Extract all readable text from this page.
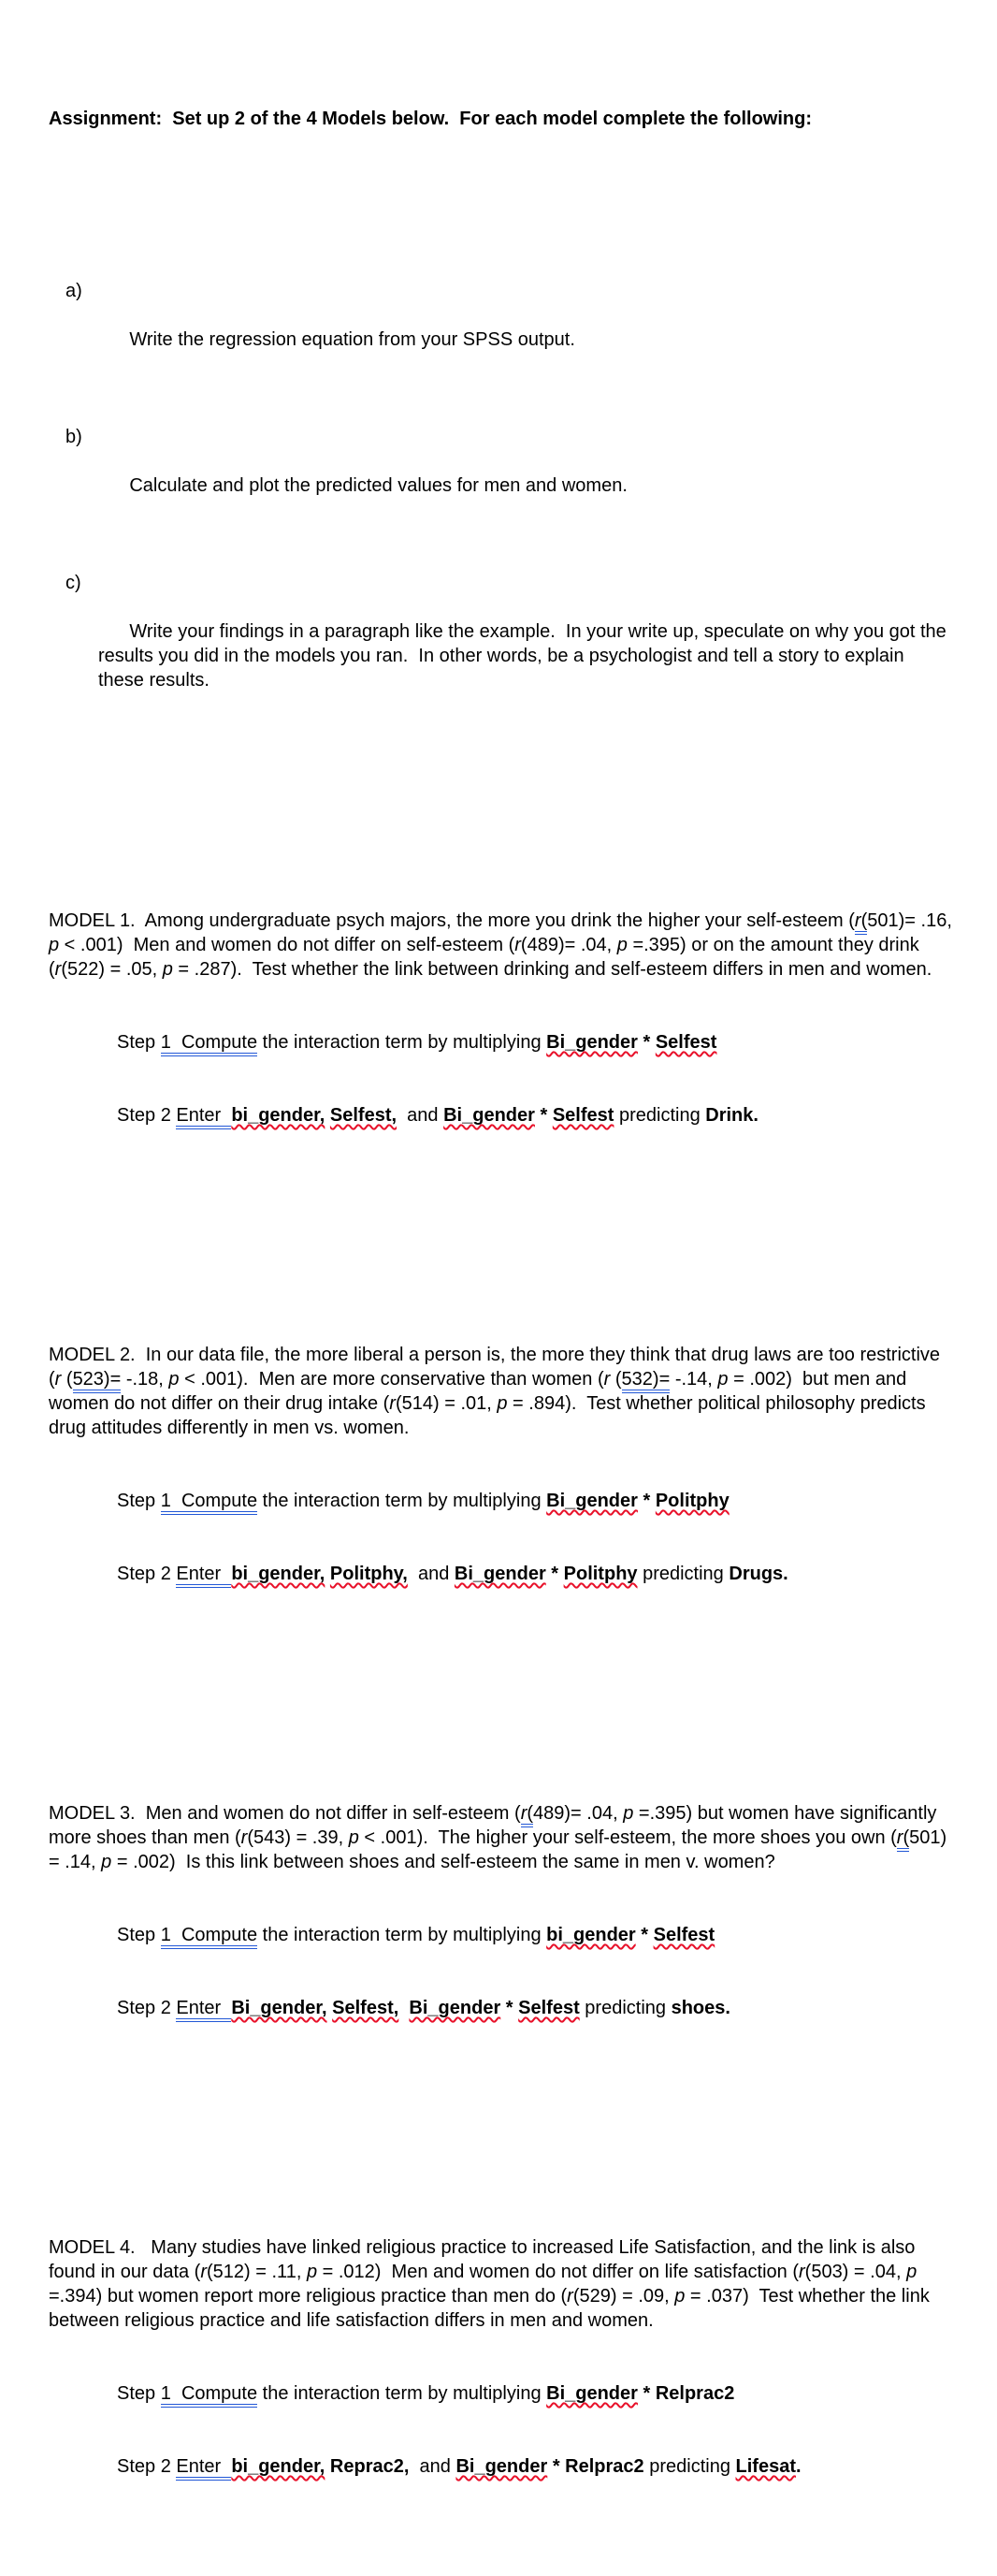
Assignment:  Set up 2 of the 4 Models below.  For each model complete the following:

a)

Write the regression equation from your SPSS output.

b)

Calculate and plot the predicted values for men and women.

c)

Write your findings in a paragraph like the example.  In your write up, speculate on why you got the results you did in the models you ran.  In other words, be a psychologist and tell a story to explain these results.

MODEL 1.  Among undergraduate psych majors, the more you drink the higher your self-esteem (r(501)= .16, p < .001)  Men and women do not differ on self-esteem (r(489)= .04, p =.395) or on the amount they drink (r(522) = .05, p = .287).  Test whether the link between drinking and self-esteem differs in men and women.

Step 1  Compute the interaction term by multiplying Bi_gender * Selfest

Step 2 Enter  bi_gender, Selfest,  and Bi_gender * Selfest predicting Drink.

MODEL 2.  In our data file, the more liberal a person is, the more they think that drug laws are too restrictive (r (523)= -.18, p < .001).  Men are more conservative than women (r (532)= -.14, p = .002)  but men and women do not differ on their drug intake (r(514) = .01, p = .894).  Test whether political philosophy predicts drug attitudes differently in men vs. women.

Step 1  Compute the interaction term by multiplying Bi_gender * Politphy

Step 2 Enter  bi_gender, Politphy,  and Bi_gender * Politphy predicting Drugs.

MODEL 3.  Men and women do not differ in self-esteem (r(489)= .04, p =.395) but women have significantly more shoes than men (r(543) = .39, p < .001).  The higher your self-esteem, the more shoes you own (r(501) = .14, p = .002)  Is this link between shoes and self-esteem the same in men v. women?

Step 1  Compute the interaction term by multiplying bi_gender * Selfest

Step 2 Enter  Bi_gender, Selfest, Bi_gender * Selfest predicting shoes.

MODEL 4.   Many studies have linked religious practice to increased Life Satisfaction, and the link is also found in our data (r(512) = .11, p = .012)  Men and women do not differ on life satisfaction (r(503) = .04, p =.394) but women report more religious practice than men do (r(529) = .09, p = .037)  Test whether the link between religious practice and life satisfaction differs in men and women.

Step 1  Compute the interaction term by multiplying Bi_gender * Relprac2

Step 2 Enter  bi_gender, Reprac2,  and Bi_gender * Relprac2 predicting Lifesat.
